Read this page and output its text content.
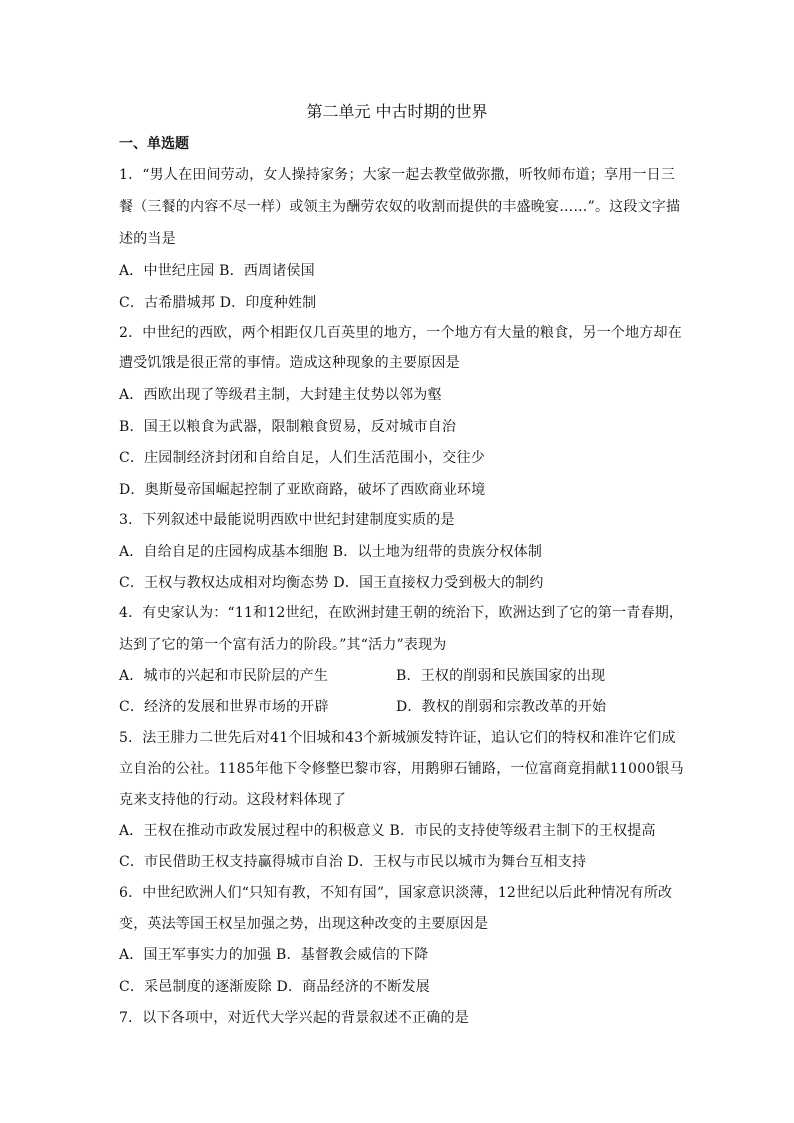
第二单元 中古时期的世界
一、单选题
1．“男人在田间劳动，女人操持家务；大家一起去教堂做弥撒，听牧师布道；享用一日三
餐（三餐的内容不尽一样）或领主为酬劳农奴的收割而提供的丰盛晚宴……”。这段文字描
述的当是
A．中世纪庄园 B．西周诸侯国
C．古希腊城邦 D．印度种姓制
2．中世纪的西欧，两个相距仅几百英里的地方，一个地方有大量的粮食，另一个地方却在
遭受饥饿是很正常的事情。造成这种现象的主要原因是
A．西欧出现了等级君主制，大封建主仗势以邻为壑
B．国王以粮食为武器，限制粮食贸易，反对城市自治
C．庄园制经济封闭和自给自足，人们生活范围小，交往少
D．奥斯曼帝国崛起控制了亚欧商路，破坏了西欧商业环境
3．下列叙述中最能说明西欧中世纪封建制度实质的是
A．自给自足的庄园构成基本细胞 B．以土地为纽带的贵族分权体制
C．王权与教权达成相对均衡态势 D．国王直接权力受到极大的制约
4．有史家认为：“11和12世纪，在欧洲封建王朝的统治下，欧洲达到了它的第一青春期，
达到了它的第一个富有活力的阶段。”其“活力”表现为
A．城市的兴起和市民阶层的产生	B．王权的削弱和民族国家的出现
C．经济的发展和世界市场的开辟	D．教权的削弱和宗教改革的开始
5．法王腓力二世先后对41个旧城和43个新城颁发特许证，追认它们的特权和准许它们成
立自治的公社。1185年他下令修整巴黎市容，用鹅卵石铺路，一位富商竟捐献11000银马
克来支持他的行动。这段材料体现了
A．王权在推动市政发展过程中的积极意义 B．市民的支持使等级君主制下的王权提高
C．市民借助王权支持赢得城市自治 D．王权与市民以城市为舞台互相支持
6．中世纪欧洲人们“只知有教，不知有国”，国家意识淡薄，12世纪以后此种情况有所改
变，英法等国王权呈加强之势，出现这种改变的主要原因是
A．国王军事实力的加强 B．基督教会威信的下降
C．采邑制度的逐渐废除 D．商品经济的不断发展
7．以下各项中，对近代大学兴起的背景叙述不正确的是
